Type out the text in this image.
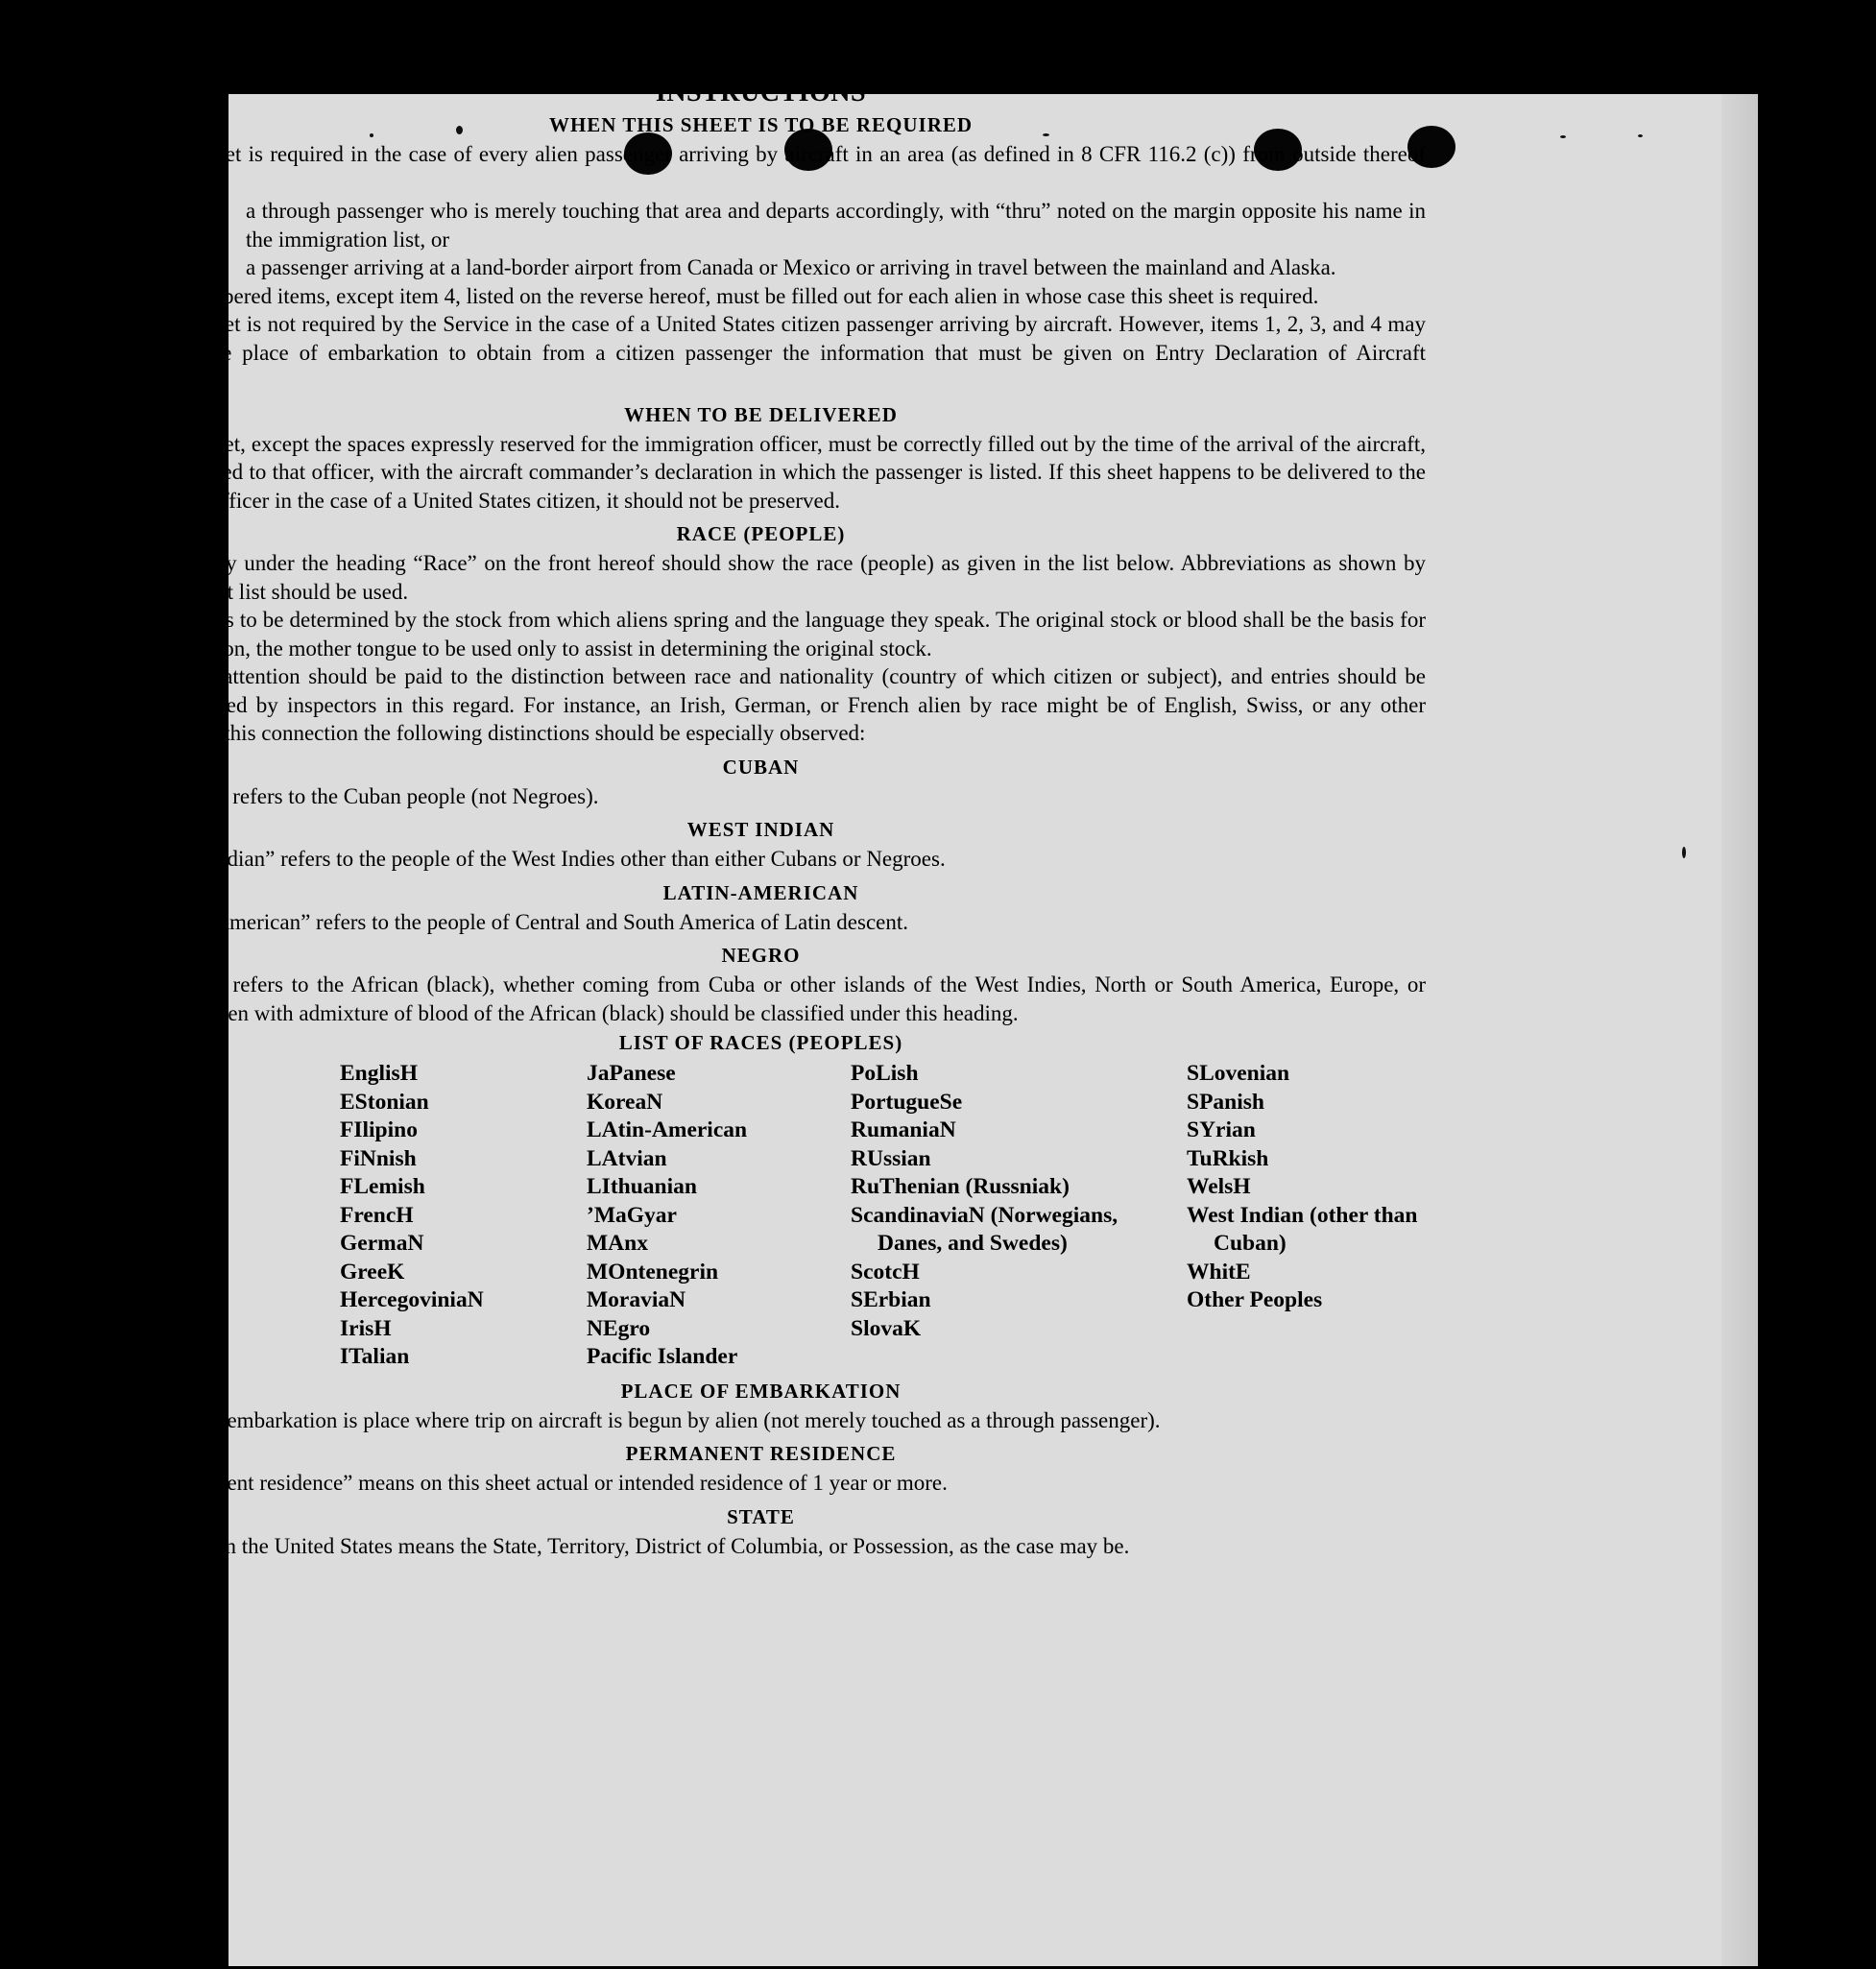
INSTRUCTIONS
WHEN THIS SHEET IS TO BE REQUIRED

This sheet is required in the case of every alien passenger arriving by aircraft in an area (as defined in 8 CFR 116.2 (c)) from outside thereof except

(1) a through passenger who is merely touching that area and departs accordingly, with “thru” noted on the margin opposite his name in the immigration list, or
(2) a passenger arriving at a land-border airport from Canada or Mexico or arriving in travel between the mainland and Alaska.

All numbered items, except item 4, listed on the reverse hereof, must be filled out for each alien in whose case this sheet is required.

This sheet is not required by the Service in the case of a United States citizen passenger arriving by aircraft. However, items 1, 2, 3, and 4 may be used at the place of embarkation to obtain from a citizen passenger the information that must be given on Entry Declaration of Aircraft Commander.

WHEN TO BE DELIVERED

This sheet, except the spaces expressly reserved for the immigration officer, must be correctly filled out by the time of the arrival of the aircraft, and be delivered to that officer, with the aircraft commander’s declaration in which the passenger is listed. If this sheet happens to be delivered to the immigration officer in the case of a United States citizen, it should not be preserved.

RACE (PEOPLE)

The entry under the heading “Race” on the front hereof should show the race (people) as given in the list below. Abbreviations as shown by boldface in that list should be used.

“Race” is to be determined by the stock from which aliens spring and the language they speak. The original stock or blood shall be the basis for the classification, the mother tongue to be used only to assist in determining the original stock.

Special attention should be paid to the distinction between race and nationality (country of which citizen or subject), and entries should be carefully revised by inspectors in this regard. For instance, an Irish, German, or French alien by race might be of English, Swiss, or any other nationality. In this connection the following distinctions should be especially observed:

CUBAN

“Cuban” refers to the Cuban people (not Negroes).

WEST INDIAN

“West Indian” refers to the people of the West Indies other than either Cubans or Negroes.

LATIN-AMERICAN

“Latin-American” refers to the people of Central and South America of Latin descent.

NEGRO

“Negro” refers to the African (black), whether coming from Cuba or other islands of the West Indies, North or South America, Europe, or Africa. Any alien with admixture of blood of the African (black) should be classified under this heading.

LIST OF RACES (PEOPLES)
ALbanian
ARmenian
BOhemian
BosniaN
BUlgarian
CHinese
CRoatian
CUban
DalMatian
DUtch
East Indian
EnglisH
EStonian
FIlipino
FiNnish
FLemish
FrencH
GermaN
GreeK
HercegoviniaN
IrisH
ITalian
JaPanese
KoreaN
LAtin-American
LAtvian
LIthuanian
’MaGyar
MAnx
MOntenegrin
MoraviaN
NEgro
Pacific Islander
PoLish
PortugueSe
RumaniaN
RUssian
RuThenian (Russniak)
ScandinaviaN (Norwegians, Danes, and Swedes)
ScotcH
SErbian
SlovaK
SLovenian
SPanish
SYrian
TuRkish
WelsH
West Indian (other than Cuban)
WhitE
Other Peoples
PLACE OF EMBARKATION

Place of embarkation is place where trip on aircraft is begun by alien (not merely touched as a through passenger).

PERMANENT RESIDENCE

“Permanent residence” means on this sheet actual or intended residence of 1 year or more.

STATE

“State” in the United States means the State, Territory, District of Columbia, or Possession, as the case may be.
